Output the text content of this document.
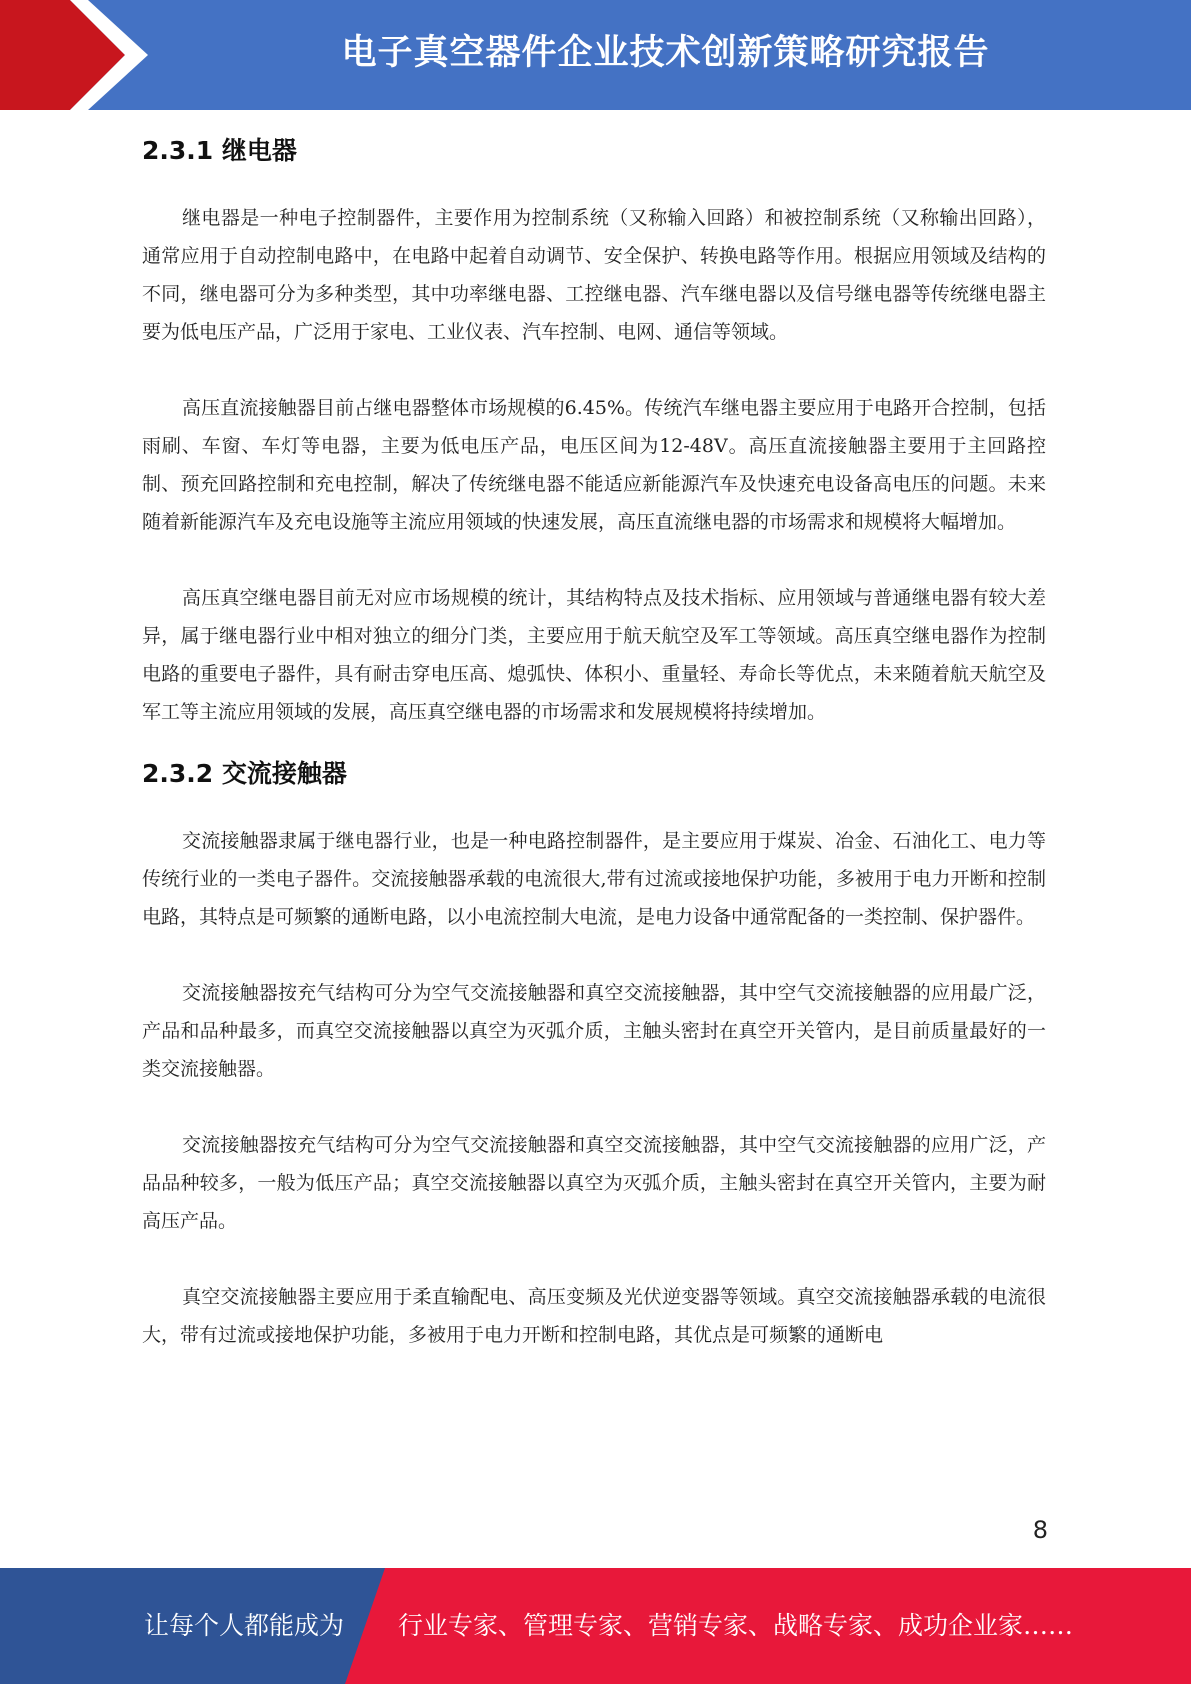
电子真空器件企业技术创新策略研究报告
2.3.1 继电器

继电器是一种电子控制器件，主要作用为控制系统（又称输入回路）和被控制系统（又称输出回路），通常应用于自动控制电路中，在电路中起着自动调节、安全保护、转换电路等作用。根据应用领域及结构的不同，继电器可分为多种类型，其中功率继电器、工控继电器、汽车继电器以及信号继电器等传统继电器主要为低电压产品，广泛用于家电、工业仪表、汽车控制、电网、通信等领域。

高压直流接触器目前占继电器整体市场规模的6.45%。传统汽车继电器主要应用于电路开合控制，包括雨刷、车窗、车灯等电器，主要为低电压产品，电压区间为12-48V。高压直流接触器主要用于主回路控制、预充回路控制和充电控制，解决了传统继电器不能适应新能源汽车及快速充电设备高电压的问题。未来随着新能源汽车及充电设施等主流应用领域的快速发展，高压直流继电器的市场需求和规模将大幅增加。

高压真空继电器目前无对应市场规模的统计，其结构特点及技术指标、应用领域与普通继电器有较大差异，属于继电器行业中相对独立的细分门类，主要应用于航天航空及军工等领域。高压真空继电器作为控制电路的重要电子器件，具有耐击穿电压高、熄弧快、体积小、重量轻、寿命长等优点，未来随着航天航空及军工等主流应用领域的发展，高压真空继电器的市场需求和发展规模将持续增加。

2.3.2 交流接触器

交流接触器隶属于继电器行业，也是一种电路控制器件，是主要应用于煤炭、冶金、石油化工、电力等传统行业的一类电子器件。交流接触器承载的电流很大,带有过流或接地保护功能，多被用于电力开断和控制电路，其特点是可频繁的通断电路，以小电流控制大电流，是电力设备中通常配备的一类控制、保护器件。

交流接触器按充气结构可分为空气交流接触器和真空交流接触器，其中空气交流接触器的应用最广泛，产品和品种最多，而真空交流接触器以真空为灭弧介质，主触头密封在真空开关管内，是目前质量最好的一类交流接触器。

交流接触器按充气结构可分为空气交流接触器和真空交流接触器，其中空气交流接触器的应用广泛，产品品种较多，一般为低压产品；真空交流接触器以真空为灭弧介质，主触头密封在真空开关管内，主要为耐高压产品。

真空交流接触器主要应用于柔直输配电、高压变频及光伏逆变器等领域。真空交流接触器承载的电流很大，带有过流或接地保护功能，多被用于电力开断和控制电路，其优点是可频繁的通断电

8
让每个人都能成为 行业专家、管理专家、营销专家、战略专家、成功企业家……
